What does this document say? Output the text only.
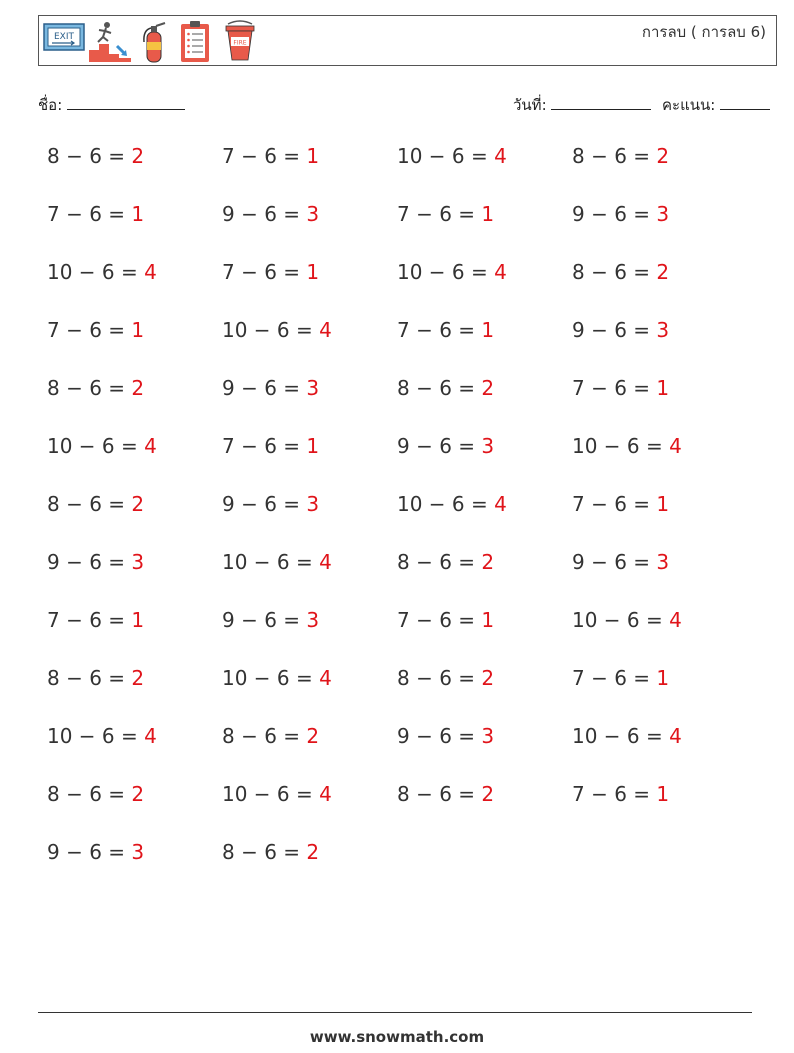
EXIT
FIRE
การลบ ( การลบ 6)
ชื่อ:	วันที่:	คะแนน:
8 − 6 = 2	7 − 6 = 1	10 − 6 = 4	8 − 6 = 2
7 − 6 = 1	9 − 6 = 3	7 − 6 = 1	9 − 6 = 3
10 − 6 = 4	7 − 6 = 1	10 − 6 = 4	8 − 6 = 2
7 − 6 = 1	10 − 6 = 4	7 − 6 = 1	9 − 6 = 3
8 − 6 = 2	9 − 6 = 3	8 − 6 = 2	7 − 6 = 1
10 − 6 = 4	7 − 6 = 1	9 − 6 = 3	10 − 6 = 4
8 − 6 = 2	9 − 6 = 3	10 − 6 = 4	7 − 6 = 1
9 − 6 = 3	10 − 6 = 4	8 − 6 = 2	9 − 6 = 3
7 − 6 = 1	9 − 6 = 3	7 − 6 = 1	10 − 6 = 4
8 − 6 = 2	10 − 6 = 4	8 − 6 = 2	7 − 6 = 1
10 − 6 = 4	8 − 6 = 2	9 − 6 = 3	10 − 6 = 4
8 − 6 = 2	10 − 6 = 4	8 − 6 = 2	7 − 6 = 1
9 − 6 = 3	8 − 6 = 2
www.snowmath.com
